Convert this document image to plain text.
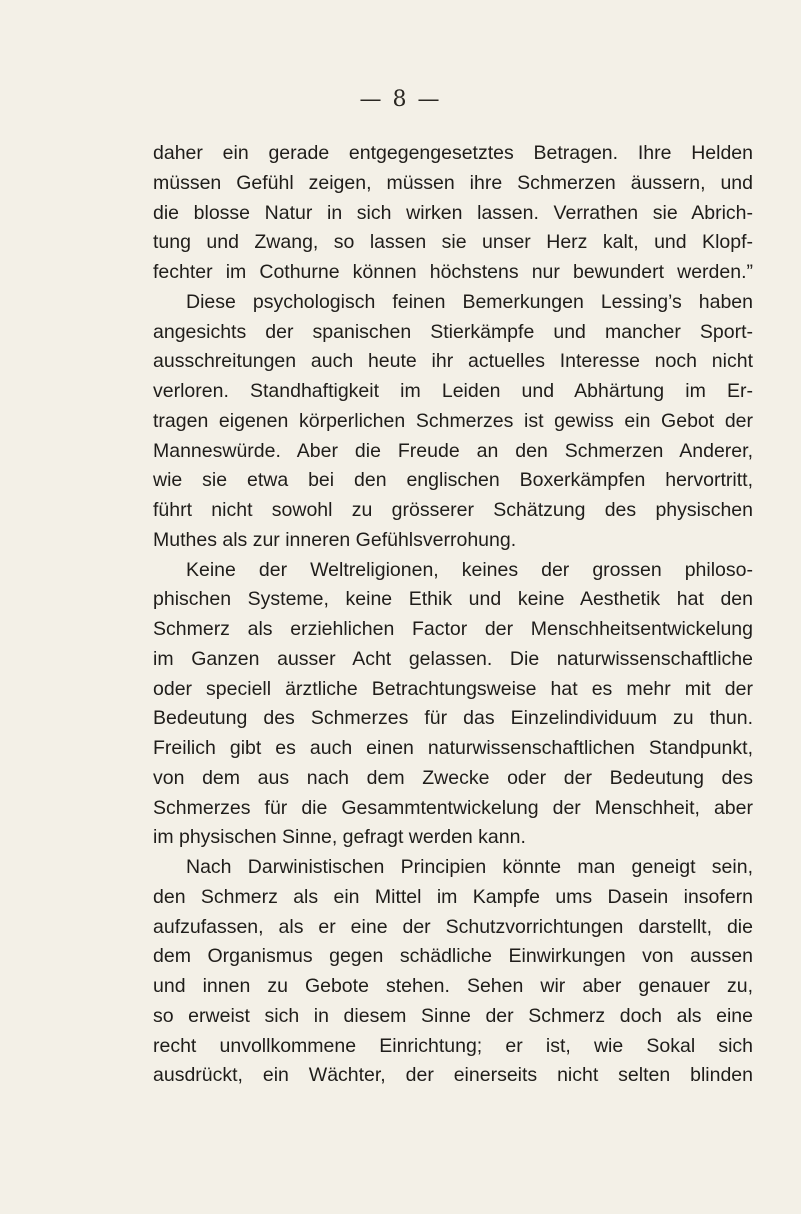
— 8 —
daher ein gerade entgegengesetztes Betragen. Ihre Helden
müssen Gefühl zeigen, müssen ihre Schmerzen äussern, und
die blosse Natur in sich wirken lassen. Verrathen sie Abrich-
tung und Zwang, so lassen sie unser Herz kalt, und Klopf-
fechter im Cothurne können höchstens nur bewundert werden.”
Diese psychologisch feinen Bemerkungen Lessing’s haben
angesichts der spanischen Stierkämpfe und mancher Sport-
ausschreitungen auch heute ihr actuelles Interesse noch nicht
verloren. Standhaftigkeit im Leiden und Abhärtung im Er-
tragen eigenen körperlichen Schmerzes ist gewiss ein Gebot der
Manneswürde. Aber die Freude an den Schmerzen Anderer,
wie sie etwa bei den englischen Boxerkämpfen hervortritt,
führt nicht sowohl zu grösserer Schätzung des physischen
Muthes als zur inneren Gefühlsverrohung.
Keine der Weltreligionen, keines der grossen philoso-
phischen Systeme, keine Ethik und keine Aesthetik hat den
Schmerz als erziehlichen Factor der Menschheitsentwickelung
im Ganzen ausser Acht gelassen. Die naturwissenschaftliche
oder speciell ärztliche Betrachtungsweise hat es mehr mit der
Bedeutung des Schmerzes für das Einzelindividuum zu thun.
Freilich gibt es auch einen naturwissenschaftlichen Standpunkt,
von dem aus nach dem Zwecke oder der Bedeutung des
Schmerzes für die Gesammtentwickelung der Menschheit, aber
im physischen Sinne, gefragt werden kann.
Nach Darwinistischen Principien könnte man geneigt sein,
den Schmerz als ein Mittel im Kampfe ums Dasein insofern
aufzufassen, als er eine der Schutzvorrichtungen darstellt, die
dem Organismus gegen schädliche Einwirkungen von aussen
und innen zu Gebote stehen. Sehen wir aber genauer zu,
so erweist sich in diesem Sinne der Schmerz doch als eine
recht unvollkommene Einrichtung; er ist, wie Sokal sich
ausdrückt, ein Wächter, der einerseits nicht selten blinden
